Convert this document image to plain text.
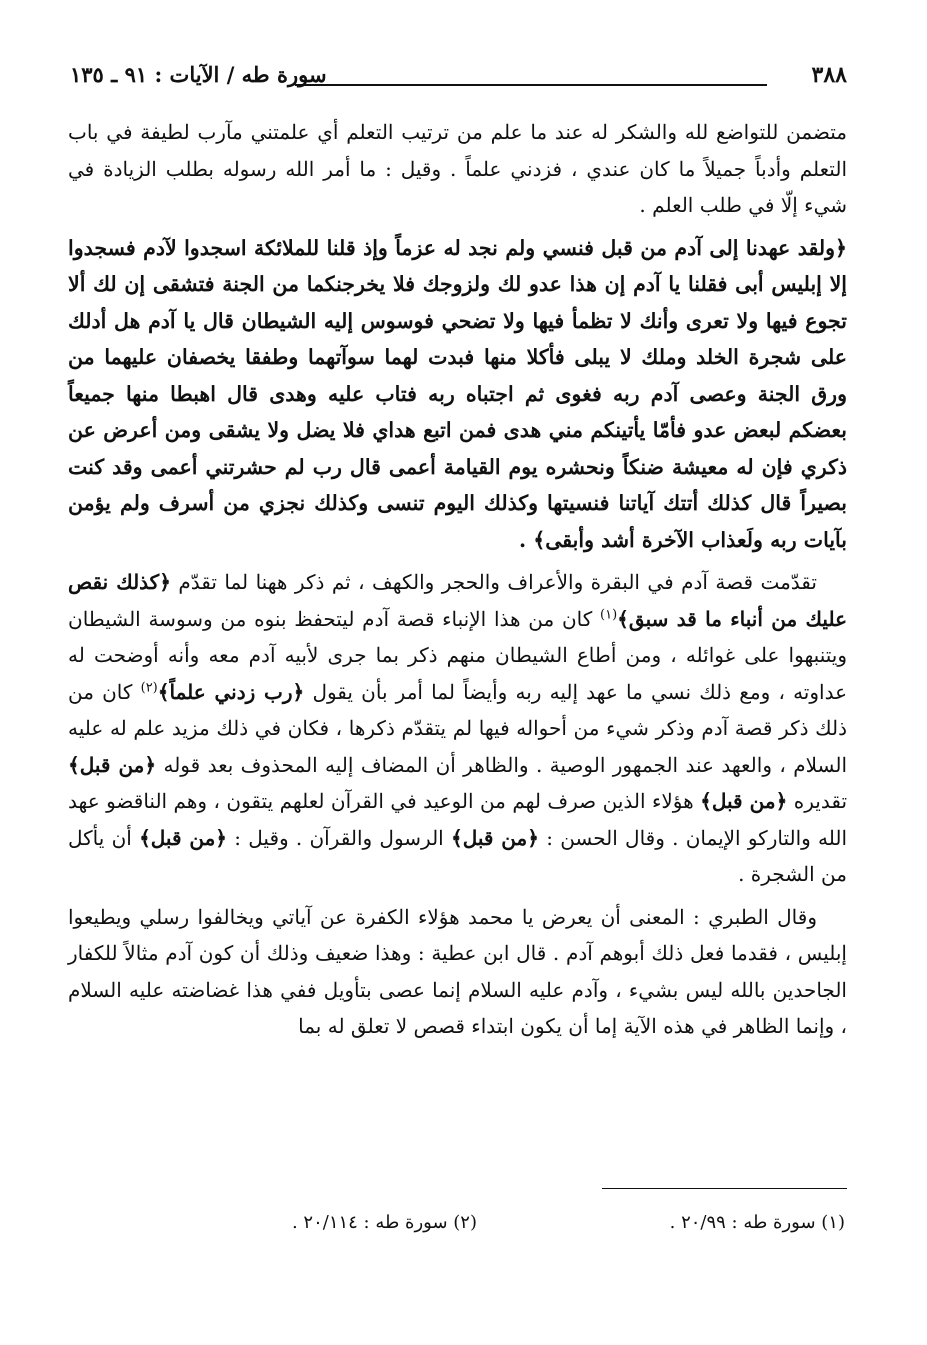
٣٨٨
سورة طه / الآيات : ٩١ ـ ١٣٥

متضمن للتواضع لله والشكر له عند ما علم من ترتيب التعلم أي علمتني مآرب لطيفة في باب التعلم وأدباً جميلاً ما كان عندي ، فزدني علماً . وقيل : ما أمر الله رسوله بطلب الزيادة في شيء إلّا في طلب العلم .

﴿ولقد عهدنا إلى آدم من قبل فنسي ولم نجد له عزماً وإذ قلنا للملائكة اسجدوا لآدم فسجدوا إلا إبليس أبى فقلنا يا آدم إن هذا عدو لك ولزوجك فلا يخرجنكما من الجنة فتشقى إن لك ألا تجوع فيها ولا تعرى وأنك لا تظمأ فيها ولا تضحي فوسوس إليه الشيطان قال يا آدم هل أدلك على شجرة الخلد وملك لا يبلى فأكلا منها فبدت لهما سوآتهما وطفقا يخصفان عليهما من ورق الجنة وعصى آدم ربه فغوى ثم اجتباه ربه فتاب عليه وهدى قال اهبطا منها جميعاً بعضكم لبعض عدو فأمّا يأتينكم مني هدى فمن اتبع هداي فلا يضل ولا يشقى ومن أعرض عن ذكري فإن له معيشة ضنكاً ونحشره يوم القيامة أعمى قال رب لم حشرتني أعمى وقد كنت بصيراً قال كذلك أتتك آياتنا فنسيتها وكذلك اليوم تنسى وكذلك نجزي من أسرف ولم يؤمن بآيات ربه ولَعذاب الآخرة أشد وأبقى﴾ .

تقدّمت قصة آدم في البقرة والأعراف والحجر والكهف ، ثم ذكر ههنا لما تقدّم ﴿كذلك نقص عليك من أنباء ما قد سبق﴾$^{(١)}$ كان من هذا الإنباء قصة آدم ليتحفظ بنوه من وسوسة الشيطان ويتنبهوا على غوائله ، ومن أطاع الشيطان منهم ذكر بما جرى لأبيه آدم معه وأنه أوضحت له عداوته ، ومع ذلك نسي ما عهد إليه ربه وأيضاً لما أمر بأن يقول ﴿رب زدني علماً﴾$^{(٢)}$ كان من ذلك ذكر قصة آدم وذكر شيء من أحواله فيها لم يتقدّم ذكرها ، فكان في ذلك مزيد علم له عليه السلام ، والعهد عند الجمهور الوصية . والظاهر أن المضاف إليه المحذوف بعد قوله ﴿من قبل﴾ تقديره ﴿من قبل﴾ هؤلاء الذين صرف لهم من الوعيد في القرآن لعلهم يتقون ، وهم الناقضو عهد الله والتاركو الإيمان . وقال الحسن : ﴿من قبل﴾ الرسول والقرآن . وقيل : ﴿من قبل﴾ أن يأكل من الشجرة .

وقال الطبري : المعنى أن يعرض يا محمد هؤلاء الكفرة عن آياتي ويخالفوا رسلي ويطيعوا إبليس ، فقدما فعل ذلك أبوهم آدم . قال ابن عطية : وهذا ضعيف وذلك أن كون آدم مثالاً للكفار الجاحدين بالله ليس بشيء ، وآدم عليه السلام إنما عصى بتأويل ففي هذا غضاضته عليه السلام ، وإنما الظاهر في هذه الآية إما أن يكون ابتداء قصص لا تعلق له بما

(١) سورة طه : ٢٠/٩٩ .
(٢) سورة طه : ٢٠/١١٤ .
